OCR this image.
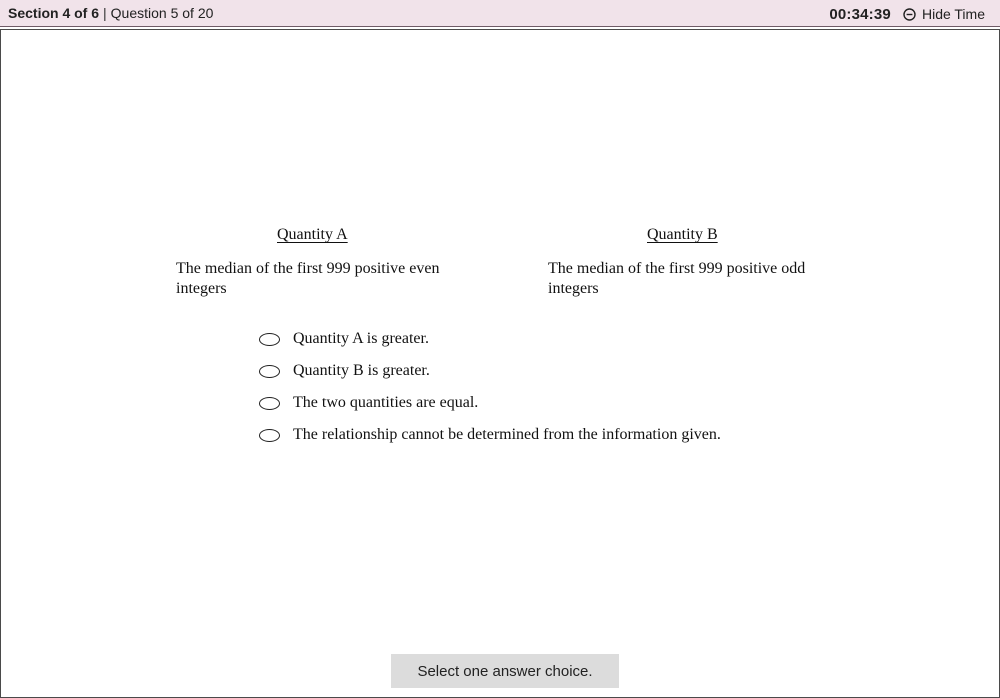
Section 4 of 6 | Question 5 of 20	00:34:39 Hide Time
Quantity A
The median of the first 999 positive even integers
Quantity B
The median of the first 999 positive odd integers
Quantity A is greater.
Quantity B is greater.
The two quantities are equal.
The relationship cannot be determined from the information given.
Select one answer choice.
